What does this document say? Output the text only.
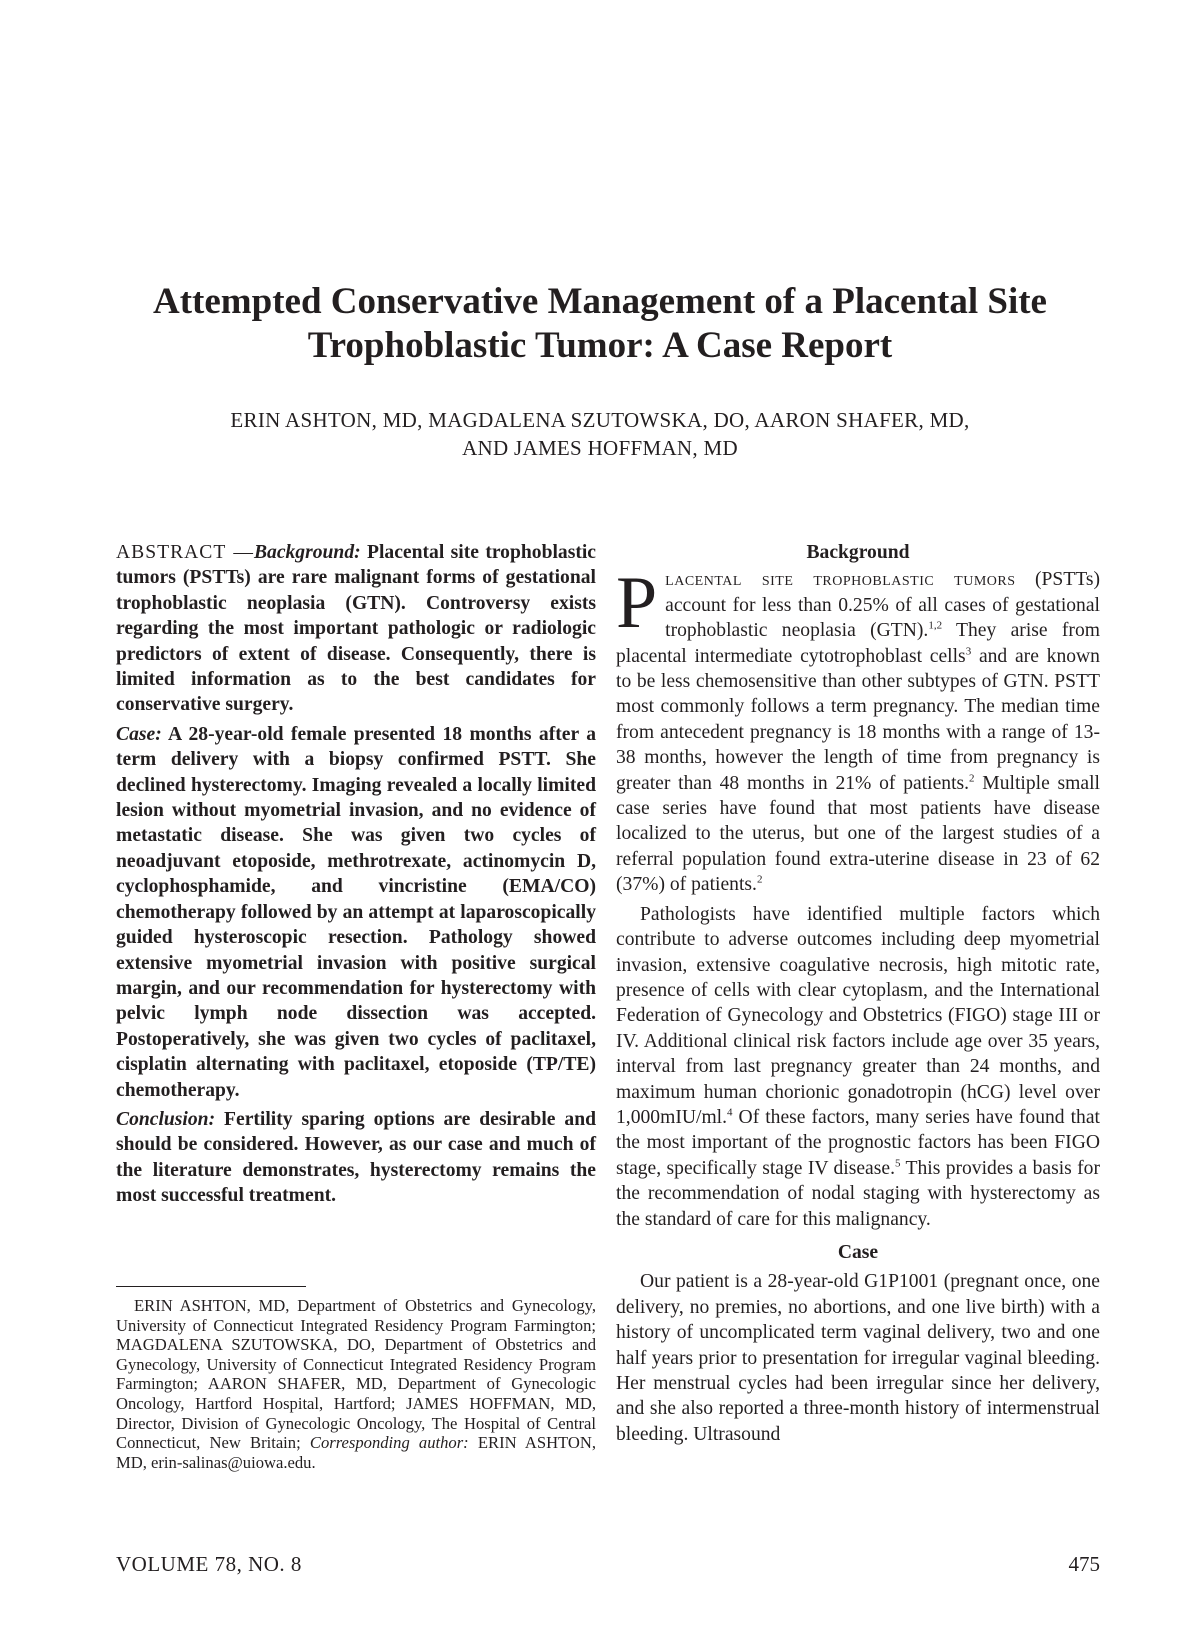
Attempted Conservative Management of a Placental Site
Trophoblastic Tumor: A Case Report
ERIN ASHTON, MD, MAGDALENA SZUTOWSKA, DO, AARON SHAFER, MD,
AND JAMES HOFFMAN, MD

ABSTRACT —Background: Placental site trophoblastic tumors (PSTTs) are rare malignant forms of gestational trophoblastic neoplasia (GTN). Controversy exists regarding the most important pathologic or radiologic predictors of extent of disease. Consequently, there is limited information as to the best candidates for conservative surgery.

Case: A 28-year-old female presented 18 months after a term delivery with a biopsy confirmed PSTT. She declined hysterectomy. Imaging revealed a locally limited lesion without myometrial invasion, and no evidence of metastatic disease. She was given two cycles of neoadjuvant etoposide, methrotrexate, actinomycin D, cyclophosphamide, and vincristine (EMA/CO) chemotherapy followed by an attempt at laparoscopically guided hysteroscopic resection. Pathology showed extensive myometrial invasion with positive surgical margin, and our recommendation for hysterectomy with pelvic lymph node dissection was accepted. Postoperatively, she was given two cycles of paclitaxel, cisplatin alternating with paclitaxel, etoposide (TP/TE) chemotherapy.

Conclusion: Fertility sparing options are desirable and should be considered. However, as our case and much of the literature demonstrates, hysterectomy remains the most successful treatment.

ERIN ASHTON, MD, Department of Obstetrics and Gynecology, University of Connecticut Integrated Residency Program Farmington; MAGDALENA SZUTOWSKA, DO, Department of Obstetrics and Gynecology, University of Connecticut Integrated Residency Program Farmington; AARON SHAFER, MD, Department of Gynecologic Oncology, Hartford Hospital, Hartford; JAMES HOFFMAN, MD, Director, Division of Gynecologic Oncology, The Hospital of Central Connecticut, New Britain; Corresponding author: ERIN ASHTON, MD, erin-salinas@uiowa.edu.

Background

Placental site trophoblastic tumors (PSTTs) account for less than 0.25% of all cases of gestational trophoblastic neoplasia (GTN).$^{1,2}$ They arise from placental intermediate cytotrophoblast cells$^3$ and are known to be less chemosensitive than other subtypes of GTN. PSTT most commonly follows a term pregnancy. The median time from antecedent pregnancy is 18 months with a range of 13-38 months, however the length of time from pregnancy is greater than 48 months in 21% of patients.$^2$ Multiple small case series have found that most patients have disease localized to the uterus, but one of the largest studies of a referral population found extra-uterine disease in 23 of 62 (37%) of patients.$^2$

Pathologists have identified multiple factors which contribute to adverse outcomes including deep myometrial invasion, extensive coagulative necrosis, high mitotic rate, presence of cells with clear cytoplasm, and the International Federation of Gynecology and Obstetrics (FIGO) stage III or IV. Additional clinical risk factors include age over 35 years, interval from last pregnancy greater than 24 months, and maximum human chorionic gonadotropin (hCG) level over 1,000mIU/ml.$^4$ Of these factors, many series have found that the most important of the prognostic factors has been FIGO stage, specifically stage IV disease.$^5$ This provides a basis for the recommendation of nodal staging with hysterectomy as the standard of care for this malignancy.

Case

Our patient is a 28-year-old G1P1001 (pregnant once, one delivery, no premies, no abortions, and one live birth) with a history of uncomplicated term vaginal delivery, two and one half years prior to presentation for irregular vaginal bleeding. Her menstrual cycles had been irregular since her delivery, and she also reported a three-month history of intermenstrual bleeding. Ultrasound

VOLUME 78, NO. 8	475
